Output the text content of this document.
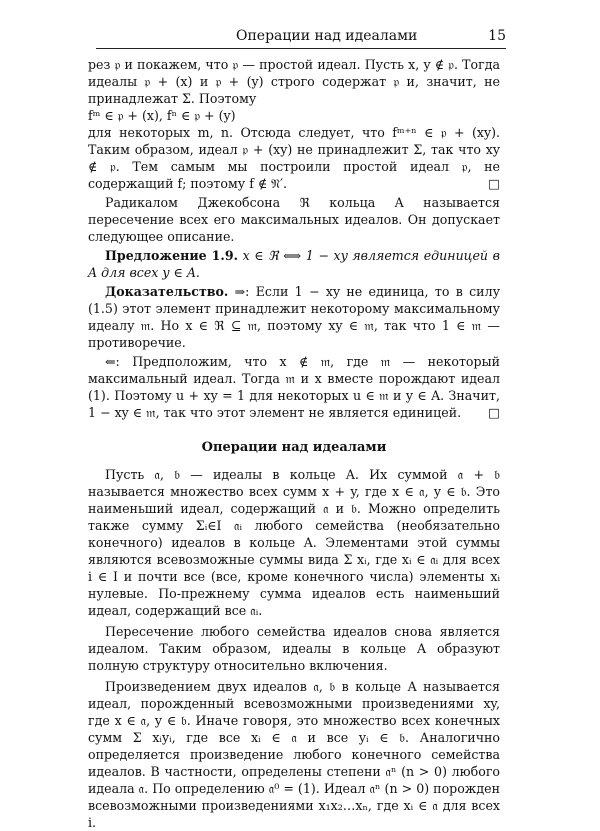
Операции над идеалами	15

рез 𝔭 и покажем, что 𝔭 — простой идеал. Пусть x, y ∉ 𝔭. Тогда идеалы 𝔭 + (x) и 𝔭 + (y) строго содержат 𝔭 и, значит, не принадлежат Σ. Поэтому

fᵐ ∈ 𝔭 + (x), fⁿ ∈ 𝔭 + (y)

для некоторых m, n. Отсюда следует, что fᵐ⁺ⁿ ∈ 𝔭 + (xy). Таким образом, идеал 𝔭 + (xy) не принадлежит Σ, так что xy ∉ 𝔭. Тем самым мы построили простой идеал 𝔭, не содержащий f; поэтому f ∉ 𝔑′.	□

Радикалом Джекобсона ℜ кольца A называется пересечение всех его максимальных идеалов. Он допускает следующее описание.

Предложение 1.9. x ∈ ℜ ⟺ 1 − xy является единицей в A для всех y ∈ A.

Доказательство. ⇒: Если 1 − xy не единица, то в силу (1.5) этот элемент принадлежит некоторому максимальному идеалу 𝔪. Но x ∈ ℜ ⊆ 𝔪, поэтому xy ∈ 𝔪, так что 1 ∈ 𝔪 — противоречие.

⇐: Предположим, что x ∉ 𝔪, где 𝔪 — некоторый максимальный идеал. Тогда 𝔪 и x вместе порождают идеал (1). Поэтому u + xy = 1 для некоторых u ∈ 𝔪 и y ∈ A. Значит, 1 − xy ∈ 𝔪, так что этот элемент не является единицей.	□

Операции над идеалами

Пусть 𝔞, 𝔟 — идеалы в кольце A. Их суммой 𝔞 + 𝔟 называется множество всех сумм x + y, где x ∈ 𝔞, y ∈ 𝔟. Это наименьший идеал, содержащий 𝔞 и 𝔟. Можно определить также сумму Σᵢ∈I 𝔞ᵢ любого семейства (необязательно конечного) идеалов в кольце A. Элементами этой суммы являются всевозможные суммы вида Σ xᵢ, где xᵢ ∈ 𝔞ᵢ для всех i ∈ I и почти все (все, кроме конечного числа) элементы xᵢ нулевые. По-прежнему сумма идеалов есть наименьший идеал, содержащий все 𝔞ᵢ.

Пересечение любого семейства идеалов снова является идеалом. Таким образом, идеалы в кольце A образуют полную структуру относительно включения.

Произведением двух идеалов 𝔞, 𝔟 в кольце A называется идеал, порожденный всевозможными произведениями xy, где x ∈ 𝔞, y ∈ 𝔟. Иначе говоря, это множество всех конечных сумм Σ xᵢyᵢ, где все xᵢ ∈ 𝔞 и все yᵢ ∈ 𝔟. Аналогично определяется произведение любого конечного семейства идеалов. В частности, определены степени 𝔞ⁿ (n > 0) любого идеала 𝔞. По определению 𝔞⁰ = (1). Идеал 𝔞ⁿ (n > 0) порожден всевозможными произведениями x₁x₂…xₙ, где xᵢ ∈ 𝔞 для всех i.
